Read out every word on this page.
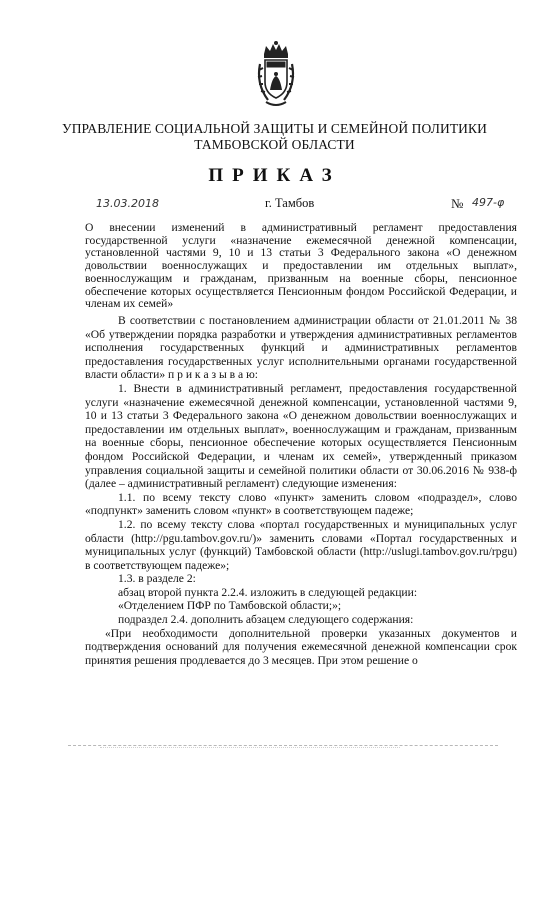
УПРАВЛЕНИЕ СОЦИАЛЬНОЙ ЗАЩИТЫ И СЕМЕЙНОЙ ПОЛИТИКИ
ТАМБОВСКОЙ ОБЛАСТИ
ПРИКАЗ
13.03.2018	г. Тамбов	№ 497-φ
О внесении изменений в административный регламент предоставления государственной услуги «назначение ежемесячной денежной компенсации, установленной частями 9, 10 и 13 статьи 3 Федерального закона «О денежном довольствии военнослужащих и предоставлении им отдельных выплат», военнослужащим и гражданам, призванным на военные сборы, пенсионное обеспечение которых осуществляется Пенсионным фондом Российской Федерации, и членам их семей»

В соответствии с постановлением администрации области от 21.01.2011 № 38 «Об утверждении порядка разработки и утверждения административных регламентов исполнения государственных функций и административных регламентов предоставления государственных услуг исполнительными органами государственной власти области» п р и к а з ы в а ю:

1. Внести в административный регламент, предоставления государственной услуги «назначение ежемесячной денежной компенсации, установленной частями 9, 10 и 13 статьи 3 Федерального закона «О денежном довольствии военнослужащих и предоставлении им отдельных выплат», военнослужащим и гражданам, призванным на военные сборы, пенсионное обеспечение которых осуществляется Пенсионным фондом Российской Федерации, и членам их семей», утвержденный приказом управления социальной защиты и семейной политики области от 30.06.2016 № 938-ф (далее – административный регламент) следующие изменения:

1.1. по всему тексту слово «пункт» заменить словом «подраздел», слово «подпункт» заменить словом «пункт» в соответствующем падеже;

1.2. по всему тексту слова «портал государственных и муниципальных услуг области (http://pgu.tambov.gov.ru/)» заменить словами «Портал государственных и муниципальных услуг (функций) Тамбовской области (http://uslugi.tambov.gov.ru/rpgu) в соответствующем падеже»;

1.3. в разделе 2:

абзац второй пункта 2.2.4. изложить в следующей редакции:

«Отделением ПФР по Тамбовской области;»;

подраздел 2.4. дополнить абзацем следующего содержания:

«При необходимости дополнительной проверки указанных документов и подтверждения оснований для получения ежемесячной денежной компенсации срок принятия решения продлевается до 3 месяцев. При этом решение о
